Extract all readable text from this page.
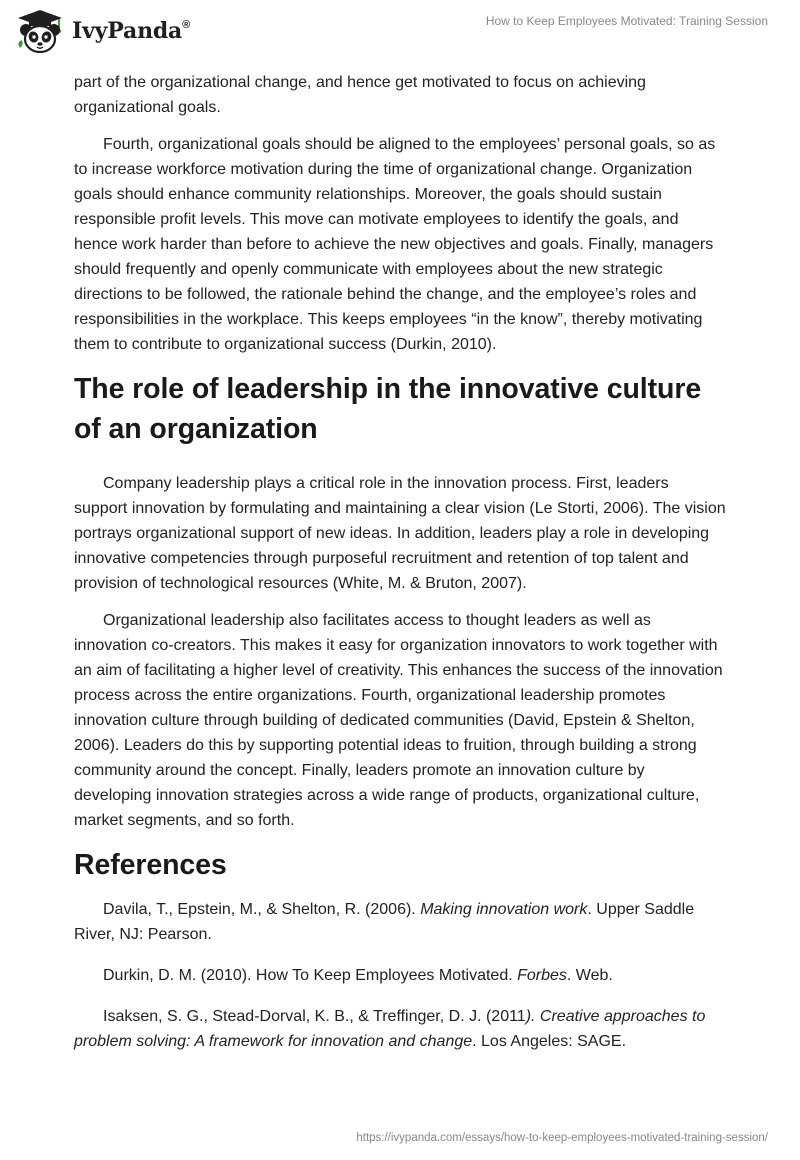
IvyPanda®	How to Keep Employees Motivated: Training Session

part of the organizational change, and hence get motivated to focus on achieving organizational goals.

Fourth, organizational goals should be aligned to the employees’ personal goals, so as to increase workforce motivation during the time of organizational change. Organization goals should enhance community relationships. Moreover, the goals should sustain responsible profit levels. This move can motivate employees to identify the goals, and hence work harder than before to achieve the new objectives and goals. Finally, managers should frequently and openly communicate with employees about the new strategic directions to be followed, the rationale behind the change, and the employee’s roles and responsibilities in the workplace. This keeps employees “in the know”, thereby motivating them to contribute to organizational success (Durkin, 2010).

The role of leadership in the innovative culture of an organization

Company leadership plays a critical role in the innovation process. First, leaders support innovation by formulating and maintaining a clear vision (Le Storti, 2006). The vision portrays organizational support of new ideas. In addition, leaders play a role in developing innovative competencies through purposeful recruitment and retention of top talent and provision of technological resources (White, M. & Bruton, 2007).

Organizational leadership also facilitates access to thought leaders as well as innovation co-creators. This makes it easy for organization innovators to work together with an aim of facilitating a higher level of creativity. This enhances the success of the innovation process across the entire organizations. Fourth, organizational leadership promotes innovation culture through building of dedicated communities (David, Epstein & Shelton, 2006). Leaders do this by supporting potential ideas to fruition, through building a strong community around the concept. Finally, leaders promote an innovation culture by developing innovation strategies across a wide range of products, organizational culture, market segments, and so forth.

References

Davila, T., Epstein, M., & Shelton, R. (2006). Making innovation work. Upper Saddle River, NJ: Pearson.

Durkin, D. M. (2010). How To Keep Employees Motivated. Forbes. Web.

Isaksen, S. G., Stead-Dorval, K. B., & Treffinger, D. J. (2011). Creative approaches to problem solving: A framework for innovation and change. Los Angeles: SAGE.

https://ivypanda.com/essays/how-to-keep-employees-motivated-training-session/
